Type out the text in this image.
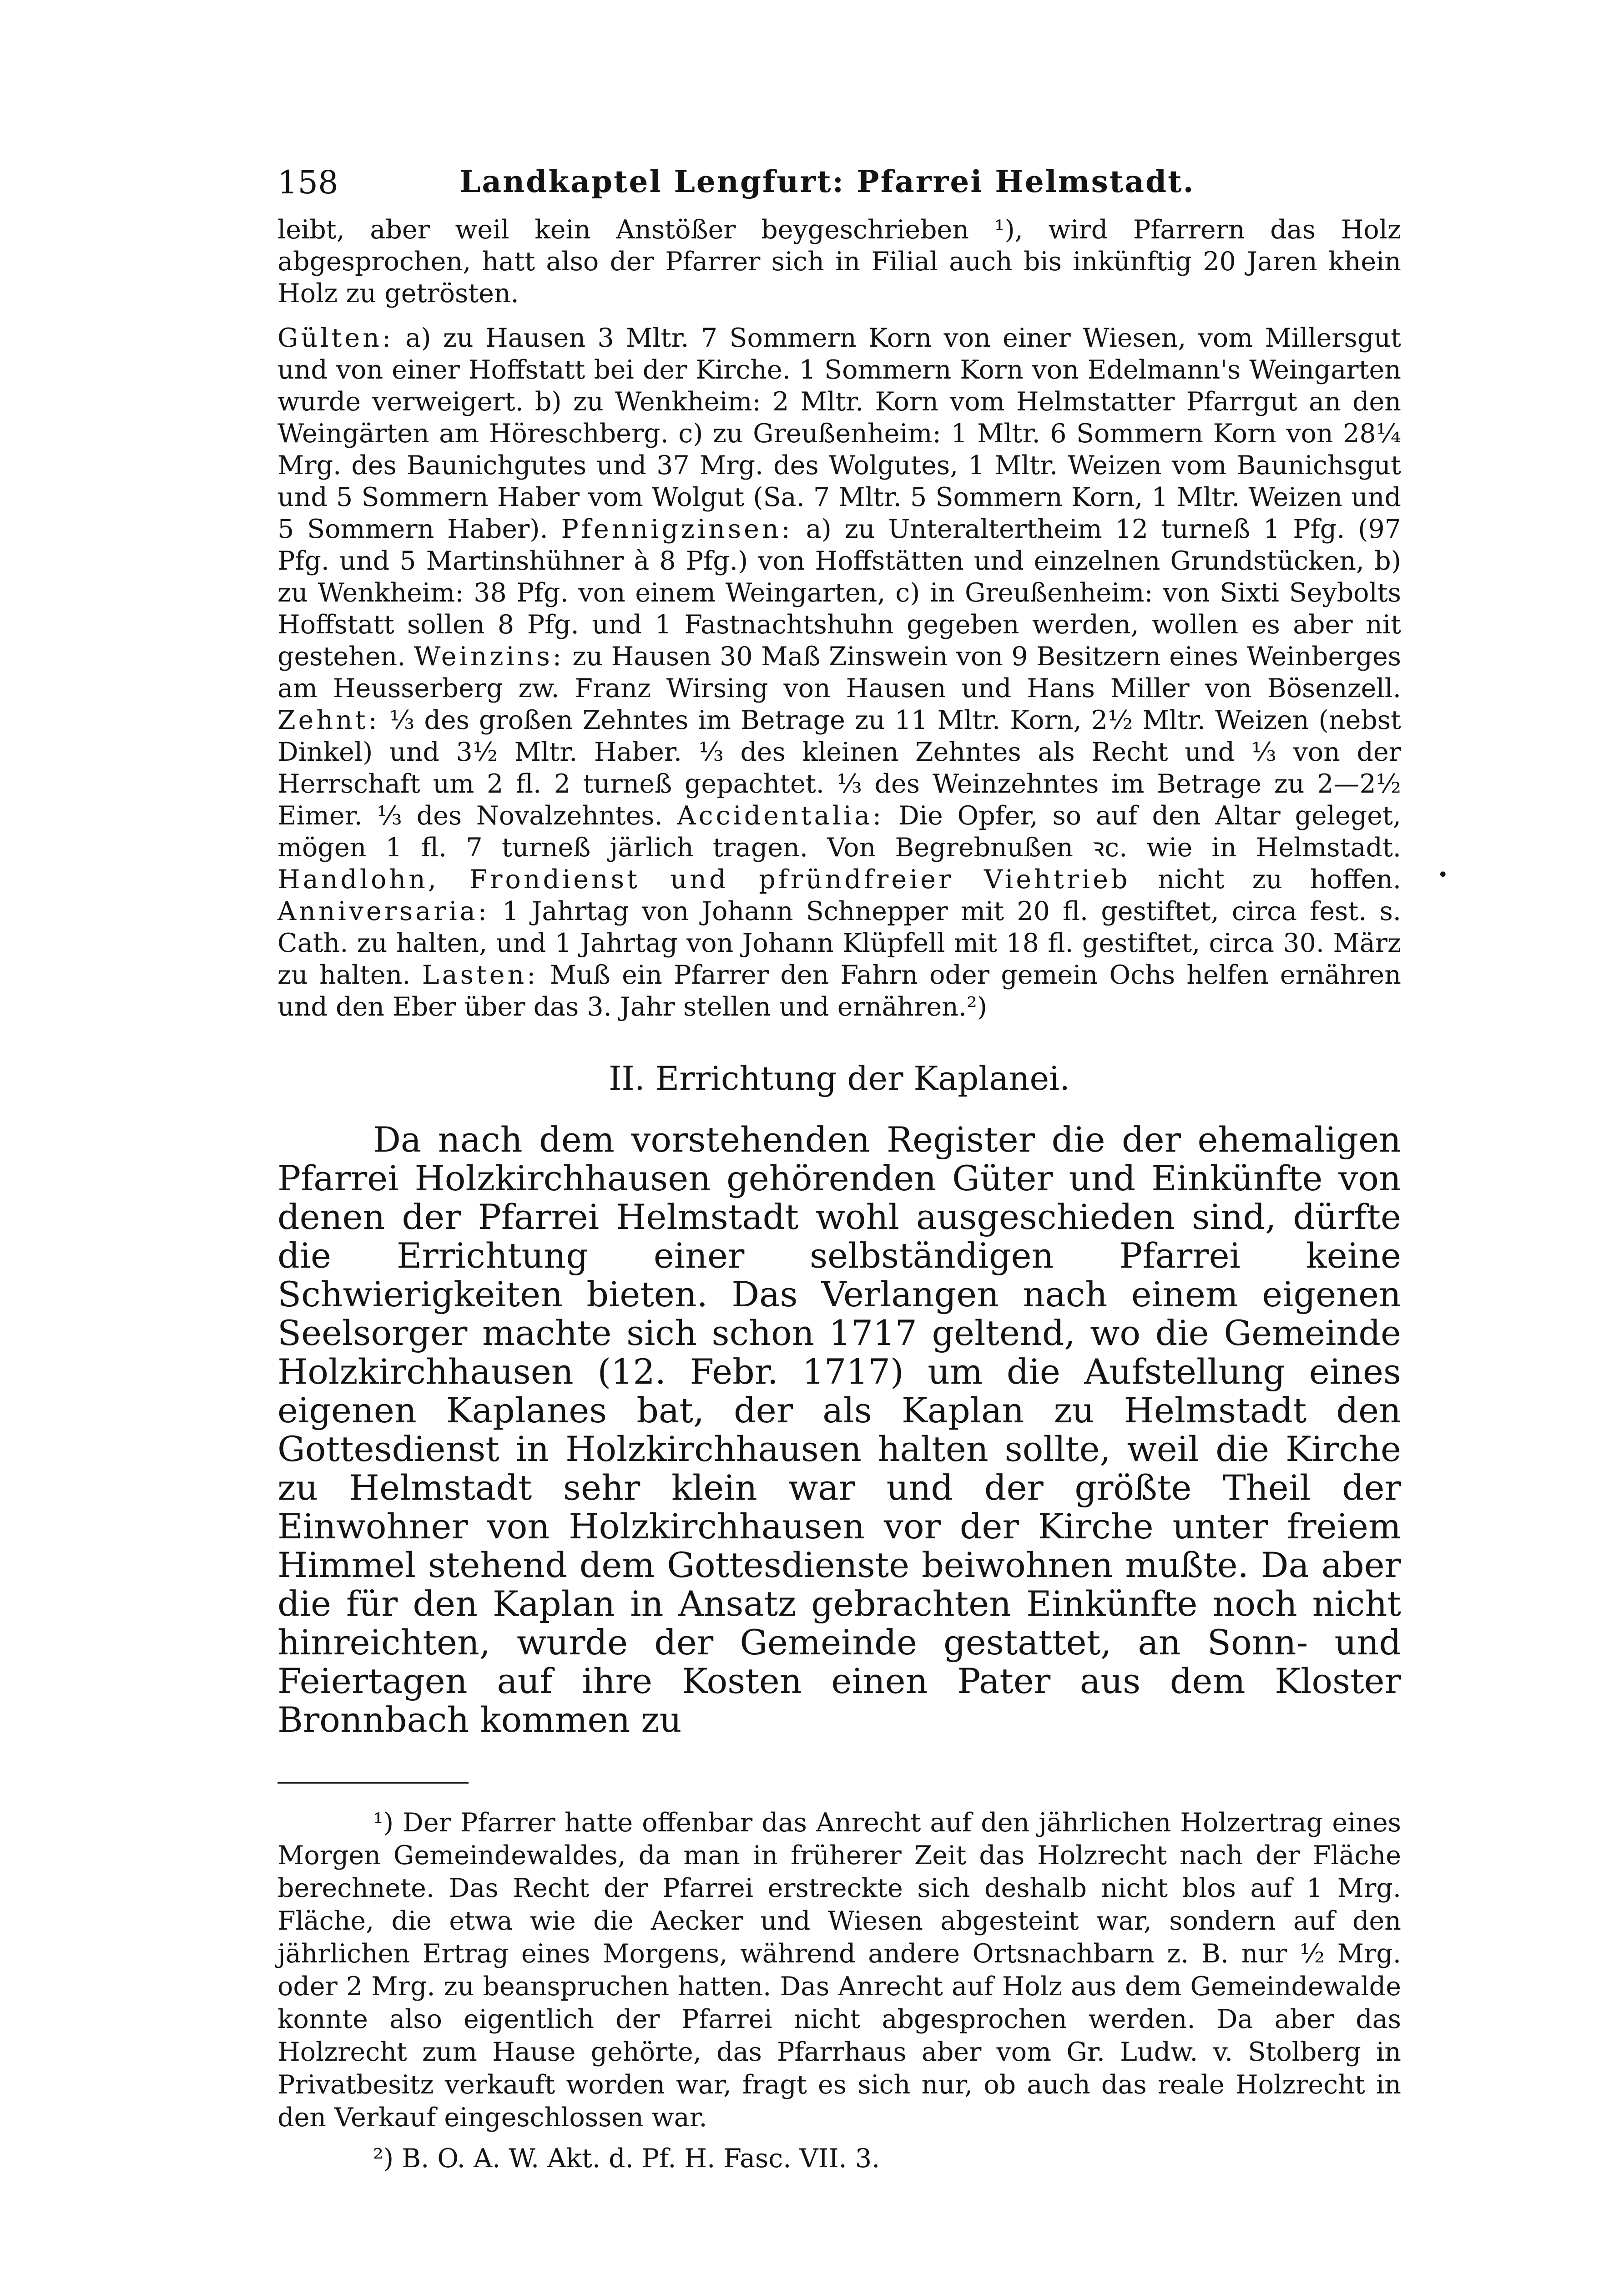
158	Landkaptel Lengfurt: Pfarrei Helmstadt.

leibt, aber weil kein Anstößer beygeschrieben ¹), wird Pfarrern das Holz abgesprochen, hatt also der Pfarrer sich in Filial auch bis inkünftig 20 Jaren khein Holz zu getrösten.

Gülten: a) zu Hausen 3 Mltr. 7 Sommern Korn von einer Wiesen, vom Millersgut und von einer Hoffstatt bei der Kirche. 1 Sommern Korn von Edelmann's Weingarten wurde verweigert. b) zu Wenkheim: 2 Mltr. Korn vom Helmstatter Pfarrgut an den Weingärten am Höreschberg. c) zu Greußenheim: 1 Mltr. 6 Sommern Korn von 28¼ Mrg. des Baunichgutes und 37 Mrg. des Wolgutes, 1 Mltr. Weizen vom Baunichsgut und 5 Sommern Haber vom Wolgut (Sa. 7 Mltr. 5 Sommern Korn, 1 Mltr. Weizen und 5 Sommern Haber). Pfennigzinsen: a) zu Unteraltertheim 12 turneß 1 Pfg. (97 Pfg. und 5 Martinshühner à 8 Pfg.) von Hoffstätten und einzelnen Grundstücken, b) zu Wenkheim: 38 Pfg. von einem Weingarten, c) in Greußenheim: von Sixti Seybolts Hoffstatt sollen 8 Pfg. und 1 Fastnachtshuhn gegeben werden, wollen es aber nit gestehen. Weinzins: zu Hausen 30 Maß Zinswein von 9 Besitzern eines Weinberges am Heusserberg zw. Franz Wirsing von Hausen und Hans Miller von Bösenzell. Zehnt: ⅓ des großen Zehntes im Betrage zu 11 Mltr. Korn, 2½ Mltr. Weizen (nebst Dinkel) und 3½ Mltr. Haber. ⅓ des kleinen Zehntes als Recht und ⅓ von der Herrschaft um 2 fl. 2 turneß gepachtet. ⅓ des Weinzehntes im Betrage zu 2—2½ Eimer. ⅓ des Novalzehntes. Accidentalia: Die Opfer, so auf den Altar geleget, mögen 1 fl. 7 turneß järlich tragen. Von Begrebnußen ꝛc. wie in Helmstadt. Handlohn, Frondienst und pfründfreier Viehtrieb nicht zu hoffen. Anniversaria: 1 Jahrtag von Johann Schnepper mit 20 fl. gestiftet, circa fest. s. Cath. zu halten, und 1 Jahrtag von Johann Klüpfell mit 18 fl. gestiftet, circa 30. März zu halten. Lasten: Muß ein Pfarrer den Fahrn oder gemein Ochs helfen ernähren und den Eber über das 3. Jahr stellen und ernähren.²)

II. Errichtung der Kaplanei.

Da nach dem vorstehenden Register die der ehemaligen Pfarrei Holzkirchhausen gehörenden Güter und Einkünfte von denen der Pfarrei Helmstadt wohl ausgeschieden sind, dürfte die Errichtung einer selbständigen Pfarrei keine Schwierigkeiten bieten. Das Verlangen nach einem eigenen Seelsorger machte sich schon 1717 geltend, wo die Gemeinde Holzkirchhausen (12. Febr. 1717) um die Aufstellung eines eigenen Kaplanes bat, der als Kaplan zu Helmstadt den Gottesdienst in Holzkirchhausen halten sollte, weil die Kirche zu Helmstadt sehr klein war und der größte Theil der Einwohner von Holzkirchhausen vor der Kirche unter freiem Himmel stehend dem Gottesdienste beiwohnen mußte. Da aber die für den Kaplan in Ansatz gebrachten Einkünfte noch nicht hinreichten, wurde der Gemeinde gestattet, an Sonn- und Feiertagen auf ihre Kosten einen Pater aus dem Kloster Bronnbach kommen zu

¹) Der Pfarrer hatte offenbar das Anrecht auf den jährlichen Holzertrag eines Morgen Gemeindewaldes, da man in früherer Zeit das Holzrecht nach der Fläche berechnete. Das Recht der Pfarrei erstreckte sich deshalb nicht blos auf 1 Mrg. Fläche, die etwa wie die Aecker und Wiesen abgesteint war, sondern auf den jährlichen Ertrag eines Morgens, während andere Ortsnachbarn z. B. nur ½ Mrg. oder 2 Mrg. zu beanspruchen hatten. Das Anrecht auf Holz aus dem Gemeindewalde konnte also eigentlich der Pfarrei nicht abgesprochen werden. Da aber das Holzrecht zum Hause gehörte, das Pfarrhaus aber vom Gr. Ludw. v. Stolberg in Privatbesitz verkauft worden war, fragt es sich nur, ob auch das reale Holzrecht in den Verkauf eingeschlossen war.

²) B. O. A. W. Akt. d. Pf. H. Fasc. VII. 3.

•
